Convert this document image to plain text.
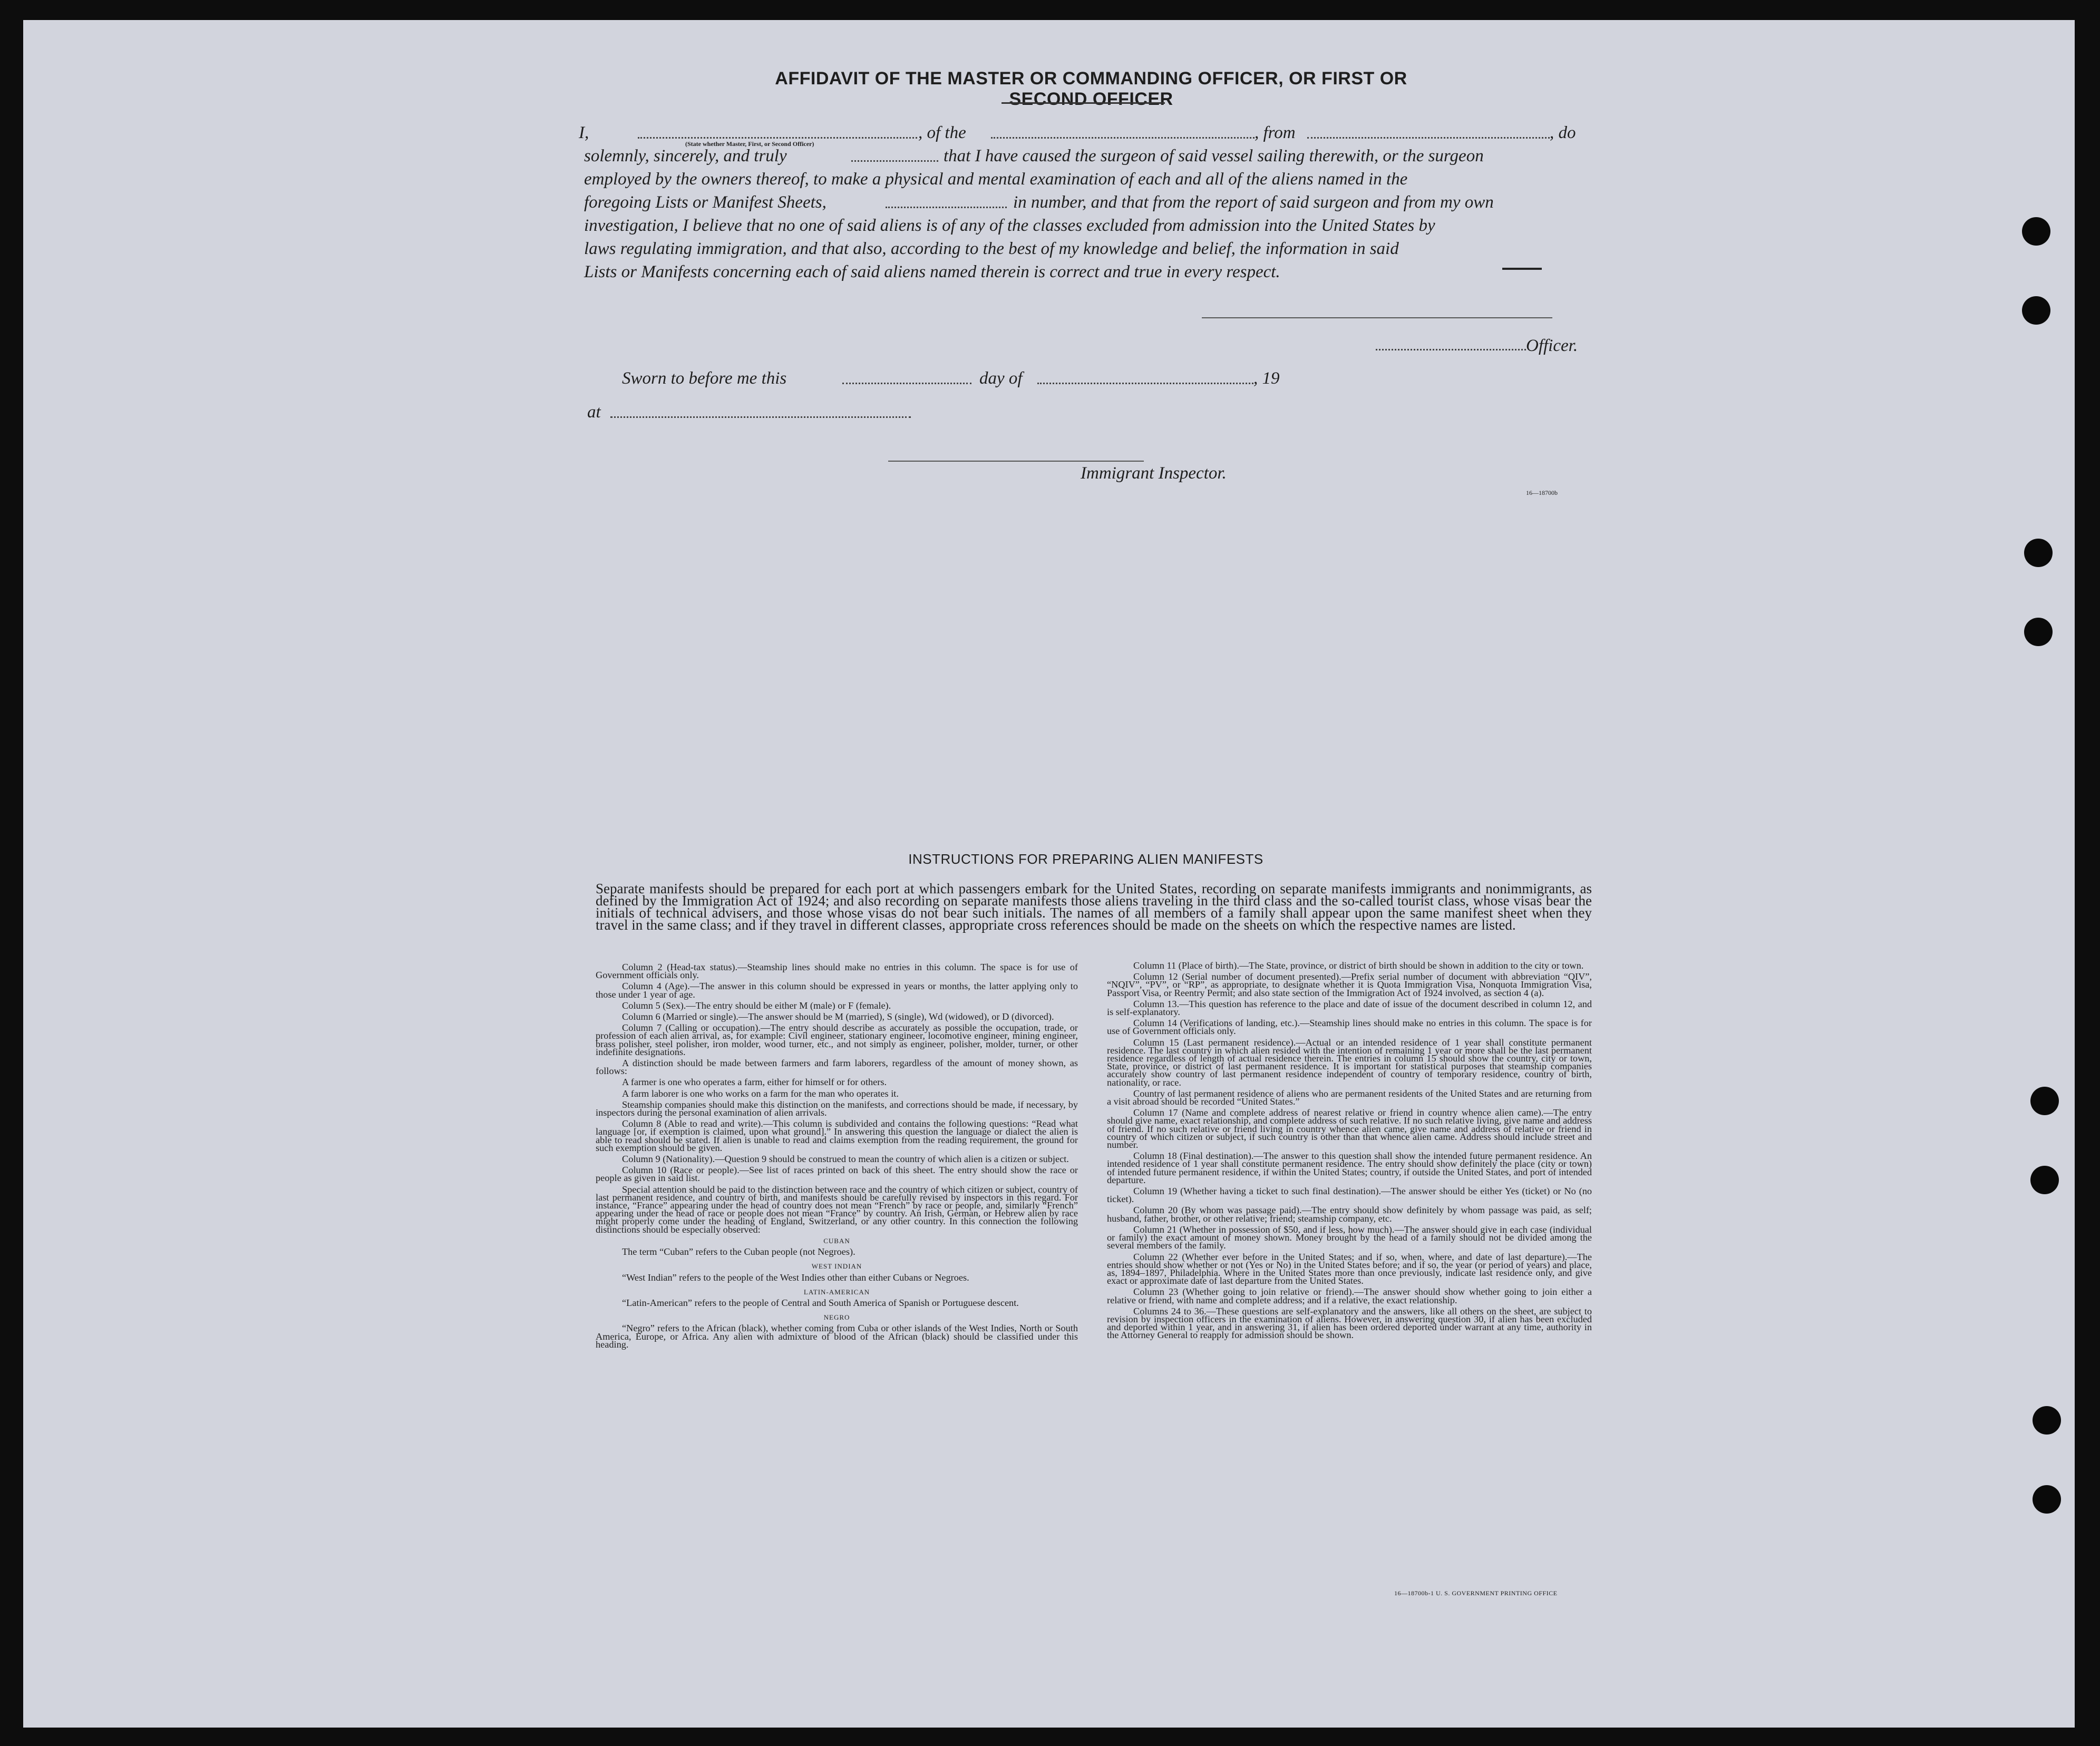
AFFIDAVIT OF THE MASTER OR COMMANDING OFFICER, OR FIRST OR SECOND OFFICER
I,
(State whether Master, First, or Second Officer)
, of the	, from	, do
solemnly, sincerely, and truly	that I have caused the surgeon of said vessel sailing therewith, or the surgeon
employed by the owners thereof, to make a physical and mental examination of each and all of the aliens named in the
foregoing Lists or Manifest Sheets,	in number, and that from the report of said surgeon and from my own
investigation, I believe that no one of said aliens is of any of the classes excluded from admission into the United States by
laws regulating immigration, and that also, according to the best of my knowledge and belief, the information in said
Lists or Manifests concerning each of said aliens named therein is correct and true in every respect.
Officer.
Sworn to before me this	day of	, 19
at
Immigrant Inspector.
16—18700b
INSTRUCTIONS FOR PREPARING ALIEN MANIFESTS
Separate manifests should be prepared for each port at which passengers embark for the United States, recording on separate manifests immigrants and nonimmigrants, as defined by the Immigration Act of 1924; and also recording on separate manifests those aliens traveling in the third class and the so-called tourist class, whose visas bear the initials of technical advisers, and those whose visas do not bear such initials. The names of all members of a family shall appear upon the same manifest sheet when they travel in the same class; and if they travel in different classes, appropriate cross references should be made on the sheets on which the respective names are listed.

Column 2 (Head-tax status).—Steamship lines should make no entries in this column. The space is for use of Government officials only.

Column 4 (Age).—The answer in this column should be expressed in years or months, the latter applying only to those under 1 year of age.

Column 5 (Sex).—The entry should be either M (male) or F (female).

Column 6 (Married or single).—The answer should be M (married), S (single), Wd (widowed), or D (divorced).

Column 7 (Calling or occupation).—The entry should describe as accurately as possible the occupation, trade, or profession of each alien arrival, as, for example: Civil engineer, stationary engineer, locomotive engineer, mining engineer, brass polisher, steel polisher, iron molder, wood turner, etc., and not simply as engineer, polisher, molder, turner, or other indefinite designations.

A distinction should be made between farmers and farm laborers, regardless of the amount of money shown, as follows:

A farmer is one who operates a farm, either for himself or for others.

A farm laborer is one who works on a farm for the man who operates it.

Steamship companies should make this distinction on the manifests, and corrections should be made, if necessary, by inspectors during the personal examination of alien arrivals.

Column 8 (Able to read and write).—This column is subdivided and contains the following questions: “Read what language [or, if exemption is claimed, upon what ground].” In answering this question the language or dialect the alien is able to read should be stated. If alien is unable to read and claims exemption from the reading requirement, the ground for such exemption should be given.

Column 9 (Nationality).—Question 9 should be construed to mean the country of which alien is a citizen or subject.

Column 10 (Race or people).—See list of races printed on back of this sheet. The entry should show the race or people as given in said list.

Special attention should be paid to the distinction between race and the country of which citizen or subject, country of last permanent residence, and country of birth, and manifests should be carefully revised by inspectors in this regard. For instance, “France” appearing under the head of country does not mean “French” by race or people, and, similarly “French” appearing under the head of race or people does not mean “France” by country. An Irish, German, or Hebrew alien by race might properly come under the heading of England, Switzerland, or any other country. In this connection the following distinctions should be especially observed:

CUBAN

The term “Cuban” refers to the Cuban people (not Negroes).

WEST INDIAN

“West Indian” refers to the people of the West Indies other than either Cubans or Negroes.

LATIN-AMERICAN

“Latin-American” refers to the people of Central and South America of Spanish or Portuguese descent.

NEGRO

“Negro” refers to the African (black), whether coming from Cuba or other islands of the West Indies, North or South America, Europe, or Africa. Any alien with admixture of blood of the African (black) should be classified under this heading.

Column 11 (Place of birth).—The State, province, or district of birth should be shown in addition to the city or town.

Column 12 (Serial number of document presented).—Prefix serial number of document with abbreviation “QIV”, “NQIV”, “PV”, or “RP”, as appropriate, to designate whether it is Quota Immigration Visa, Nonquota Immigration Visa, Passport Visa, or Reentry Permit; and also state section of the Immigration Act of 1924 involved, as section 4 (a).

Column 13.—This question has reference to the place and date of issue of the document described in column 12, and is self-explanatory.

Column 14 (Verifications of landing, etc.).—Steamship lines should make no entries in this column. The space is for use of Government officials only.

Column 15 (Last permanent residence).—Actual or an intended residence of 1 year shall constitute permanent residence. The last country in which alien resided with the intention of remaining 1 year or more shall be the last permanent residence regardless of length of actual residence therein. The entries in column 15 should show the country, city or town, State, province, or district of last permanent residence. It is important for statistical purposes that steamship companies accurately show country of last permanent residence independent of country of temporary residence, country of birth, nationality, or race.

Country of last permanent residence of aliens who are permanent residents of the United States and are returning from a visit abroad should be recorded “United States.”

Column 17 (Name and complete address of nearest relative or friend in country whence alien came).—The entry should give name, exact relationship, and complete address of such relative. If no such relative living, give name and address of friend. If no such relative or friend living in country whence alien came, give name and address of relative or friend in country of which citizen or subject, if such country is other than that whence alien came. Address should include street and number.

Column 18 (Final destination).—The answer to this question shall show the intended future permanent residence. An intended residence of 1 year shall constitute permanent residence. The entry should show definitely the place (city or town) of intended future permanent residence, if within the United States; country, if outside the United States, and port of intended departure.

Column 19 (Whether having a ticket to such final destination).—The answer should be either Yes (ticket) or No (no ticket).

Column 20 (By whom was passage paid).—The entry should show definitely by whom passage was paid, as self; husband, father, brother, or other relative; friend; steamship company, etc.

Column 21 (Whether in possession of $50, and if less, how much).—The answer should give in each case (individual or family) the exact amount of money shown. Money brought by the head of a family should not be divided among the several members of the family.

Column 22 (Whether ever before in the United States; and if so, when, where, and date of last departure).—The entries should show whether or not (Yes or No) in the United States before; and if so, the year (or period of years) and place, as, 1894–1897, Philadelphia. Where in the United States more than once previously, indicate last residence only, and give exact or approximate date of last departure from the United States.

Column 23 (Whether going to join relative or friend).—The answer should show whether going to join either a relative or friend, with name and complete address; and if a relative, the exact relationship.

Columns 24 to 36.—These questions are self-explanatory and the answers, like all others on the sheet, are subject to revision by inspection officers in the examination of aliens. However, in answering question 30, if alien has been excluded and deported within 1 year, and in answering 31, if alien has been ordered deported under warrant at any time, authority in the Attorney General to reapply for admission should be shown.

16—18700b-1 U. S. GOVERNMENT PRINTING OFFICE
